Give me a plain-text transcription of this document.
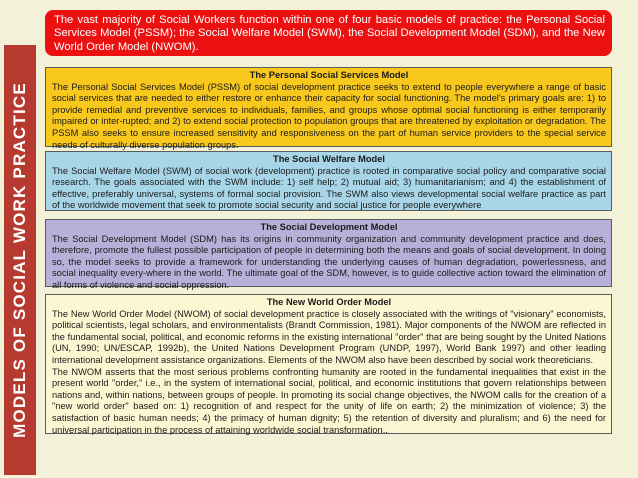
MODELS OF SOCIAL WORK PRACTICE
The vast majority of Social Workers function within one of four basic models of practice: the Personal Social Services Model (PSSM); the Social Welfare Model (SWM), the Social Development Model (SDM), and the New World Order Model (NWOM).
The Personal Social Services Model

The Personal Social Services Model (PSSM) of social development practice seeks to extend to people everywhere a range of basic social services that are needed to either restore or enhance their capacity for social functioning. The model's primary goals are: 1) to provide remedial and preventive services to individuals, families, and groups whose optimal social functioning is either temporarily impaired or inter-rupted; and 2) to extend social protection to population groups that are threatened by exploitation or degradation. The PSSM also seeks to ensure increased sensitivity and responsiveness on the part of human service providers to the special service needs of culturally diverse population groups.

The Social Welfare Model

The Social Welfare Model (SWM) of social work (development) practice is rooted in comparative social policy and comparative social research. The goals associated with the SWM include: 1) self help; 2) mutual aid; 3) humanitarianism; and 4) the establishment of effective, preferably universal, systems of formal social provision. The SWM also views developmental social welfare practice as part of the worldwide movement that seek to promote social security and social justice for people everywhere

The Social Development Model

The Social Development Model (SDM) has its origins in community organization and community development practice and does, therefore, promote the fullest possible participation of people in determining both the means and goals of social development. In doing so, the model seeks to provide a framework for understanding the underlying causes of human degradation, powerlessness, and social inequality every-where in the world. The ultimate goal of the SDM, however, is to guide collective action toward the elimination of all forms of violence and social oppression.

The New World Order Model

The New World Order Model (NWOM) of social development practice is closely associated with the writings of "visionary" economists, political scientists, legal scholars, and environmentalists (Brandt Commission, 1981). Major components of the NWOM are reflected in the fundamental social, political, and economic reforms in the existing international "order" that are being sought by the United Nations (UN, 1990; UN/ESCAP, 1992b), the United Nations Development Program (UNDP, 1997), World Bank 1997) and other leading international development assistance organizations. Elements of the NWOM also have been described by social work theoreticians.

The NWOM asserts that the most serious problems confronting humanity are rooted in the fundamental inequalities that exist in the present world "order," i.e., in the system of international social, political, and economic institutions that govern relationships between nations and, within nations, between groups of people. In promoting its social change objectives, the NWOM calls for the creation of a "new world order" based on: 1) recognition of and respect for the unity of life on earth; 2) the minimization of violence; 3) the satisfaction of basic human needs; 4) the primacy of human dignity; 5) the retention of diversity and pluralism; and 6) the need for universal participation in the process of attaining worldwide social transformation..
